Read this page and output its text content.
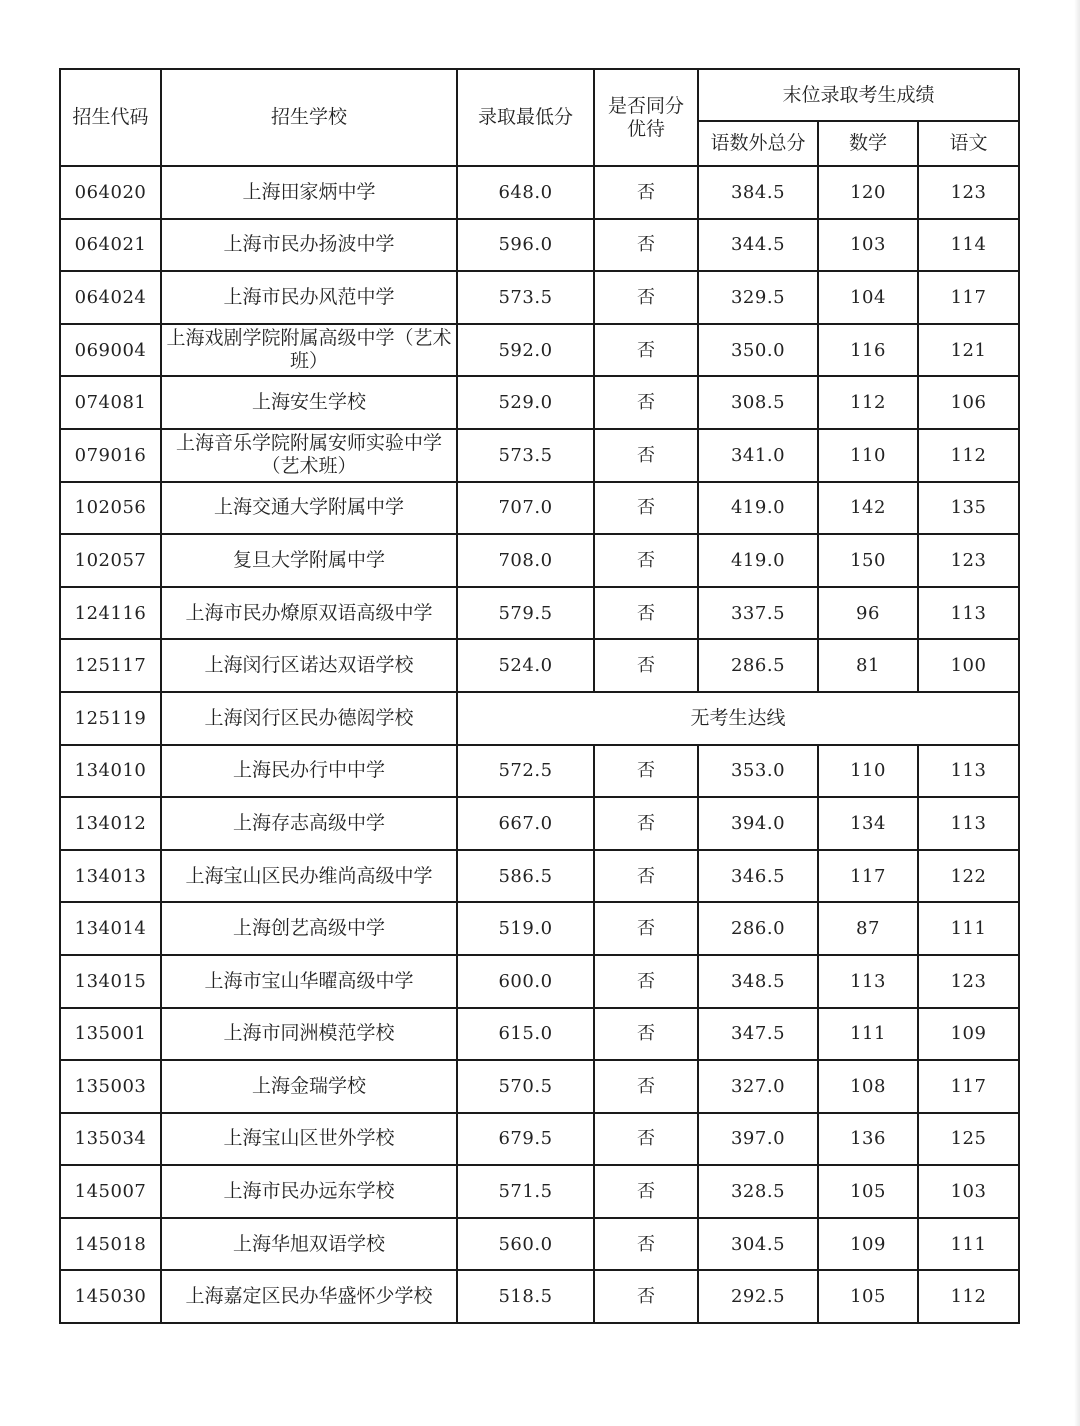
招生代码	招生学校	录取最低分	是否同分优待	末位录取考生成绩		
				语数外总分	数学	语文
064020	上海田家炳中学	648.0	否	384.5	120	123
064021	上海市民办扬波中学	596.0	否	344.5	103	114
064024	上海市民办风范中学	573.5	否	329.5	104	117
069004	上海戏剧学院附属高级中学（艺术班）	592.0	否	350.0	116	121
074081	上海安生学校	529.0	否	308.5	112	106
079016	上海音乐学院附属安师实验中学（艺术班）	573.5	否	341.0	110	112
102056	上海交通大学附属中学	707.0	否	419.0	142	135
102057	复旦大学附属中学	708.0	否	419.0	150	123
124116	上海市民办燎原双语高级中学	579.5	否	337.5	96	113
125117	上海闵行区诺达双语学校	524.0	否	286.5	81	100
125119	上海闵行区民办德闳学校	无考生达线				
134010	上海民办行中中学	572.5	否	353.0	110	113
134012	上海存志高级中学	667.0	否	394.0	134	113
134013	上海宝山区民办维尚高级中学	586.5	否	346.5	117	122
134014	上海创艺高级中学	519.0	否	286.0	87	111
134015	上海市宝山华曜高级中学	600.0	否	348.5	113	123
135001	上海市同洲模范学校	615.0	否	347.5	111	109
135003	上海金瑞学校	570.5	否	327.0	108	117
135034	上海宝山区世外学校	679.5	否	397.0	136	125
145007	上海市民办远东学校	571.5	否	328.5	105	103
145018	上海华旭双语学校	560.0	否	304.5	109	111
145030	上海嘉定区民办华盛怀少学校	518.5	否	292.5	105	112
